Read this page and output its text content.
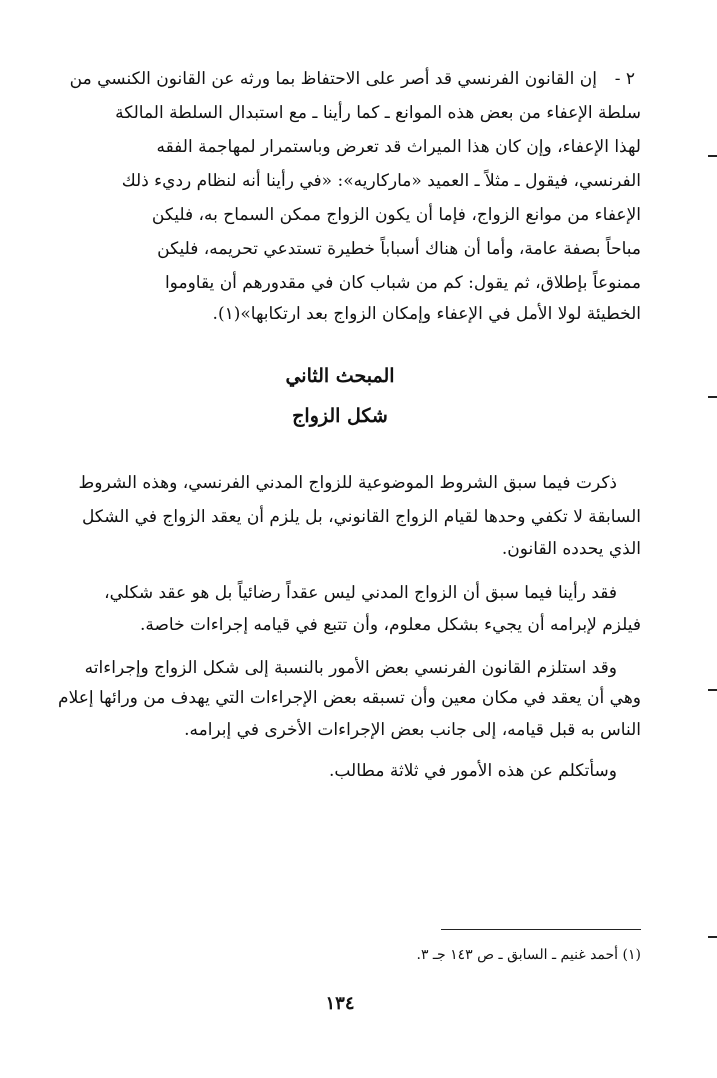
٢ -
إن القانون الفرنسي قد أصر على الاحتفاظ بما ورثه عن القانون الكنسي من
سلطة الإعفاء من بعض هذه الموانع ـ كما رأينا ـ مع استبدال السلطة المالكة
لهذا الإعفاء، وإن كان هذا الميراث قد تعرض وباستمرار لمهاجمة الفقه
الفرنسي، فيقول ـ مثلاً ـ العميد «ماركاريه»: «في رأينا أنه لنظام رديء ذلك
الإعفاء من موانع الزواج، فإما أن يكون الزواج ممكن السماح به، فليكن
مباحاً بصفة عامة، وأما أن هناك أسباباً خطيرة تستدعي تحريمه، فليكن
ممنوعاً بإطلاق، ثم يقول: كم من شباب كان في مقدورهم أن يقاوموا
الخطيئة لولا الأمل في الإعفاء وإمكان الزواج بعد ارتكابها»(١).
المبحث الثاني
شكل الزواج
ذكرت فيما سبق الشروط الموضوعية للزواج المدني الفرنسي، وهذه الشروط
السابقة لا تكفي وحدها لقيام الزواج القانوني، بل يلزم أن يعقد الزواج في الشكل
الذي يحدده القانون.
فقد رأينا فيما سبق أن الزواج المدني ليس عقداً رضائياً بل هو عقد شكلي،
فيلزم لإبرامه أن يجيء بشكل معلوم، وأن تتبع في قيامه إجراءات خاصة.
وقد استلزم القانون الفرنسي بعض الأمور بالنسبة إلى شكل الزواج وإجراءاته
وهي أن يعقد في مكان معين وأن تسبقه بعض الإجراءات التي يهدف من ورائها إعلام
الناس به قبل قيامه، إلى جانب بعض الإجراءات الأخرى في إبرامه.
وسأتكلم عن هذه الأمور في ثلاثة مطالب.
(١) أحمد غنيم ـ السابق ـ ص ١٤٣ جـ ٣.
١٣٤
